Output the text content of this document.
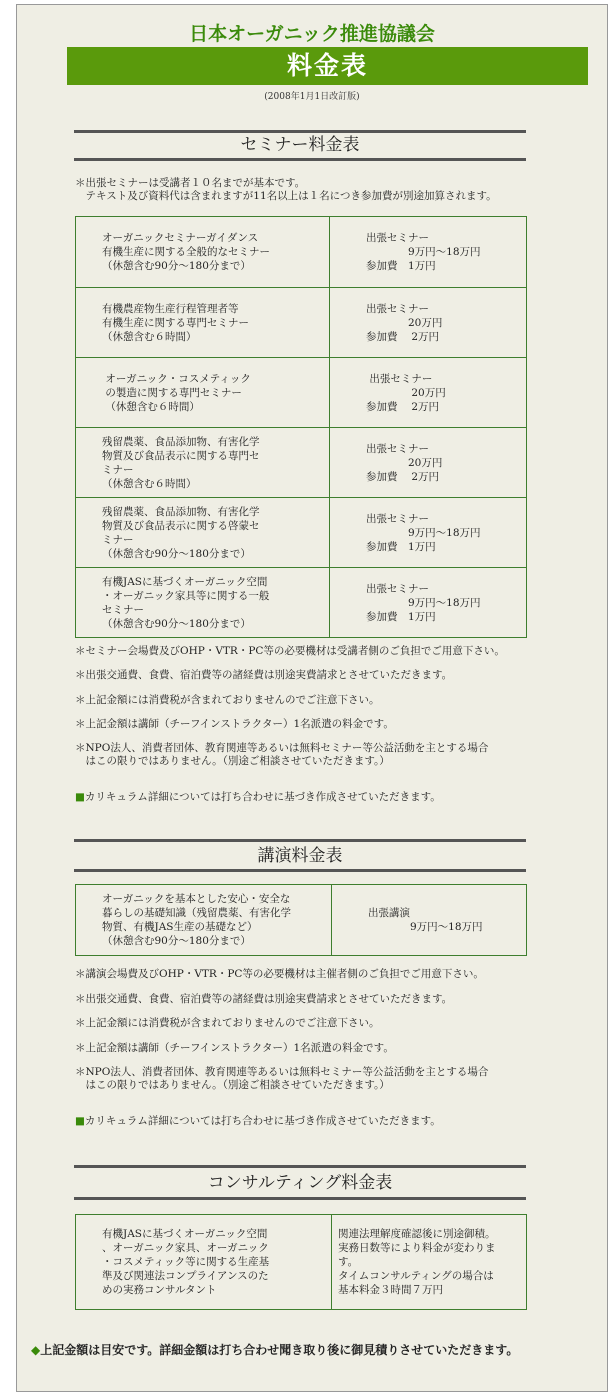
日本オーガニック推進協議会
料金表
(2008年1月1日改訂版)
セミナー料金表
＊出張セミナーは受講者１０名までが基本です。
　テキスト及び資料代は含まれますが11名以上は１名につき参加費が別途加算されます。
オーガニックセミナーガイダンス
有機生産に関する全般的なセミナー
（休憩含む90分～180分まで）
出張セミナー
　　　　9万円～18万円
参加費　1万円
有機農産物生産行程管理者等
有機生産に関する専門セミナー
（休憩含む６時間）
出張セミナー
　　　　20万円
参加費　 2万円
オーガニック・コスメティック
の製造に関する専門セミナー
（休憩含む６時間）
出張セミナー
　　　　 20万円
参加費　 2万円
残留農薬、食品添加物、有害化学
物質及び食品表示に関する専門セ
ミナー
（休憩含む６時間）
出張セミナー
　　　　20万円
参加費　 2万円
残留農薬、食品添加物、有害化学
物質及び食品表示に関する啓蒙セ
ミナー
（休憩含む90分～180分まで）
出張セミナー
　　　　9万円～18万円
参加費　1万円
有機JASに基づくオーガニック空間
・オーガニック家具等に関する一般
セミナー
（休憩含む90分～180分まで）
出張セミナー
　　　　9万円～18万円
参加費　1万円
＊セミナー会場費及びOHP・VTR・PC等の必要機材は受講者側のご負担でご用意下さい。
＊出張交通費、食費、宿泊費等の諸経費は別途実費請求とさせていただきます。
＊上記金額には消費税が含まれておりませんのでご注意下さい。
＊上記金額は講師（チーフインストラクター）1名派遣の料金です。
＊NPO法人、消費者団体、教育関連等あるいは無料セミナー等公益活動を主とする場合
　はこの限りではありません。（別途ご相談させていただきます。）
■カリキュラム詳細については打ち合わせに基づき作成させていただきます。
講演料金表
オーガニックを基本とした安心・安全な
暮らしの基礎知識（残留農薬、有害化学
物質、有機JAS生産の基礎など）
（休憩含む90分～180分まで）
出張講演
　　　　9万円～18万円
＊講演会場費及びOHP・VTR・PC等の必要機材は主催者側のご負担でご用意下さい。
＊出張交通費、食費、宿泊費等の諸経費は別途実費請求とさせていただきます。
＊上記金額には消費税が含まれておりませんのでご注意下さい。
＊上記金額は講師（チーフインストラクター）1名派遣の料金です。
＊NPO法人、消費者団体、教育関連等あるいは無料セミナー等公益活動を主とする場合
　はこの限りではありません。（別途ご相談させていただきます。）
■カリキュラム詳細については打ち合わせに基づき作成させていただきます。
コンサルティング料金表
有機JASに基づくオーガニック空間
、オーガニック家具、オーガニック
・コスメティック等に関する生産基
準及び関連法コンプライアンスのた
めの実務コンサルタント
関連法理解度確認後に別途御積。
実務日数等により料金が変わりま
す。
タイムコンサルティングの場合は
基本料金３時間７万円
◆上記金額は目安です。詳細金額は打ち合わせ聞き取り後に御見積りさせていただきます。
